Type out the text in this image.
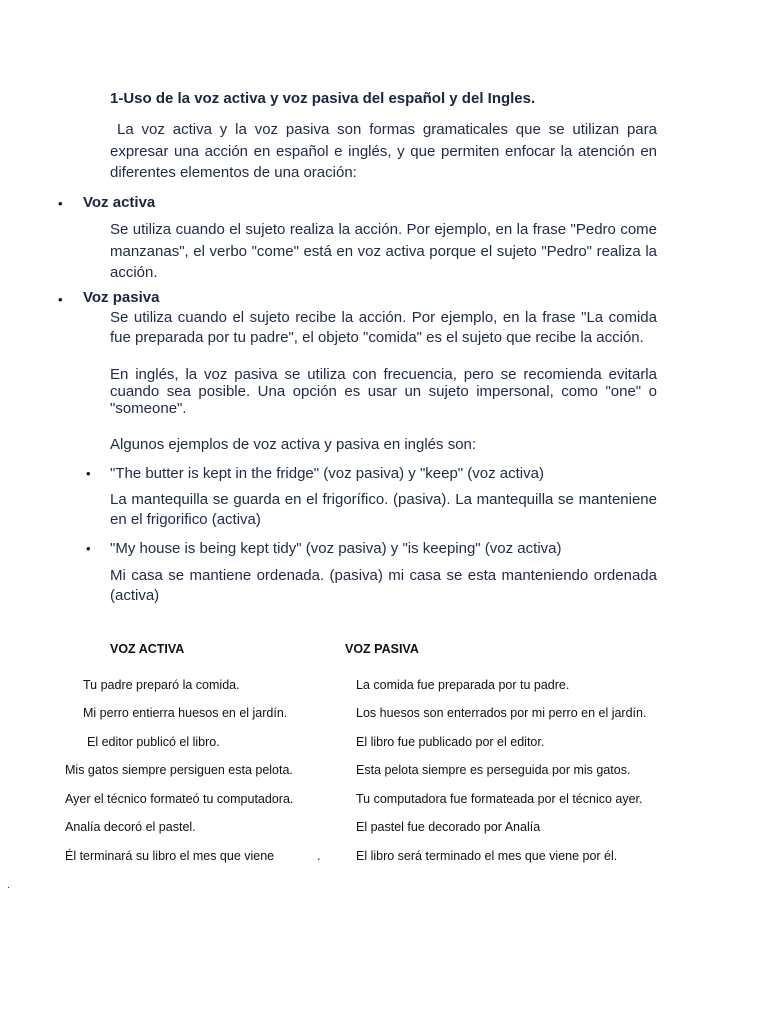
1-Uso de la voz activa y voz pasiva del español y del Ingles.
La voz activa y la voz pasiva son formas gramaticales que se utilizan para expresar una acción en español e inglés, y que permiten enfocar la atención en diferentes elementos de una oración:
• Voz activa
Se utiliza cuando el sujeto realiza la acción. Por ejemplo, en la frase "Pedro come manzanas", el verbo "come" está en voz activa porque el sujeto "Pedro" realiza la acción.
• Voz pasiva
Se utiliza cuando el sujeto recibe la acción. Por ejemplo, en la frase "La comida fue preparada por tu padre", el objeto "comida" es el sujeto que recibe la acción.
En inglés, la voz pasiva se utiliza con frecuencia, pero se recomienda evitarla cuando sea posible. Una opción es usar un sujeto impersonal, como "one" o "someone".
Algunos ejemplos de voz activa y pasiva en inglés son:
• "The butter is kept in the fridge" (voz pasiva) y "keep" (voz activa)
La mantequilla se guarda en el frigorífico. (pasiva). La mantequilla se manteniene en el frigorifico (activa)
• "My house is being kept tidy" (voz pasiva) y "is keeping" (voz activa)
Mi casa se mantiene ordenada. (pasiva) mi casa se esta manteniendo ordenada (activa)
VOZ ACTIVA	VOZ PASIVA
Tu padre preparó la comida.
Mi perro entierra huesos en el jardín.
El editor publicó el libro.
Mis gatos siempre persiguen esta pelota.
Ayer el técnico formateó tu computadora.
Analía decoró el pastel.
Él terminará su libro el mes que viene	.
La comida fue preparada por tu padre.
Los huesos son enterrados por mi perro en el jardín.
El libro fue publicado por el editor.
Esta pelota siempre es perseguida por mis gatos.
Tu computadora fue formateada por el técnico ayer.
El pastel fue decorado por Analía
El libro será terminado el mes que viene por él.
.
